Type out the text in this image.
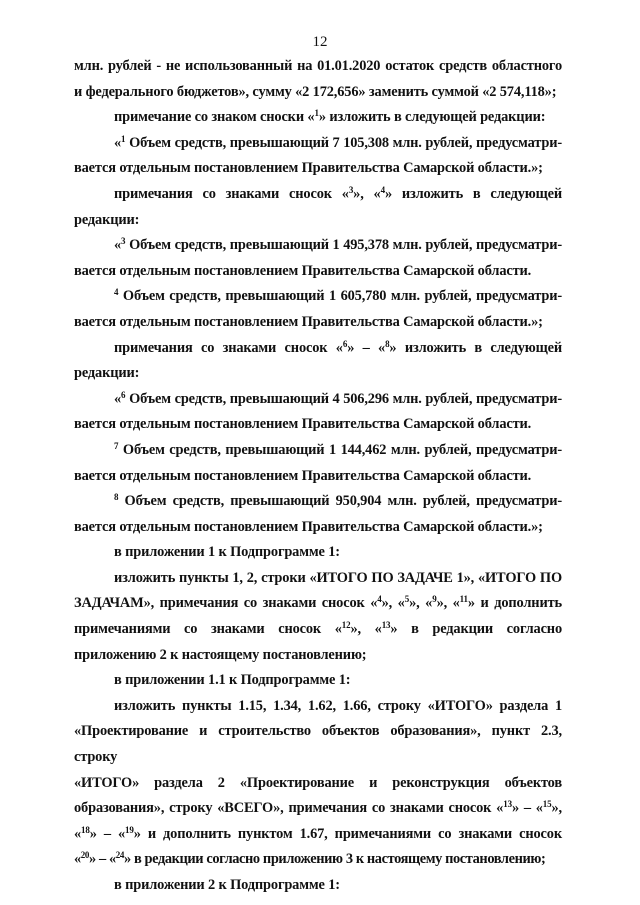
12

млн. рублей - не использованный на 01.01.2020 остаток средств областного

и федерального бюджетов», сумму «2 172,656» заменить суммой «2 574,118»;

примечание со знаком сноски «$^1$» изложить в следующей редакции:

«$^1$ Объем средств, превышающий 7 105,308 млн. рублей, предусматри-

вается отдельным постановлением Правительства Самарской области.»;

примечания со знаками сносок «$^3$», «$^4$» изложить в следующей редакции:

«$^3$ Объем средств, превышающий 1 495,378 млн. рублей, предусматри-

вается отдельным постановлением Правительства Самарской области.

$^4$ Объем средств, превышающий 1 605,780 млн. рублей, предусматри-

вается отдельным постановлением Правительства Самарской области.»;

примечания со знаками сносок «$^6$» – «$^8$» изложить в следующей

редакции:

«$^6$ Объем средств, превышающий 4 506,296 млн. рублей, предусматри-

вается отдельным постановлением Правительства Самарской области.

$^7$ Объем средств, превышающий 1 144,462 млн. рублей, предусматри-

вается отдельным постановлением Правительства Самарской области.

$^8$ Объем средств, превышающий 950,904 млн. рублей, предусматри-

вается отдельным постановлением Правительства Самарской области.»;

в приложении 1 к Подпрограмме 1:

изложить пункты 1, 2, строки «ИТОГО ПО ЗАДАЧЕ 1», «ИТОГО ПО

ЗАДАЧАМ», примечания со знаками сносок «$^4$», «$^5$», «$^9$», «$^{11}$» и дополнить

примечаниями со знаками сносок «$^{12}$», «$^{13}$» в редакции согласно

приложению 2 к настоящему постановлению;

в приложении 1.1 к Подпрограмме 1:

изложить пункты 1.15, 1.34, 1.62, 1.66, строку «ИТОГО» раздела 1

«Проектирование и строительство объектов образования», пункт 2.3, строку

«ИТОГО» раздела 2 «Проектирование и реконструкция объектов

образования», строку «ВСЕГО», примечания со знаками сносок «$^{13}$» – «$^{15}$»,

«$^{18}$» – «$^{19}$» и дополнить пунктом 1.67, примечаниями со знаками сносок

«$^{20}$» – «$^{24}$» в редакции согласно приложению 3 к настоящему постановлению;

в приложении 2 к Подпрограмме 1:
